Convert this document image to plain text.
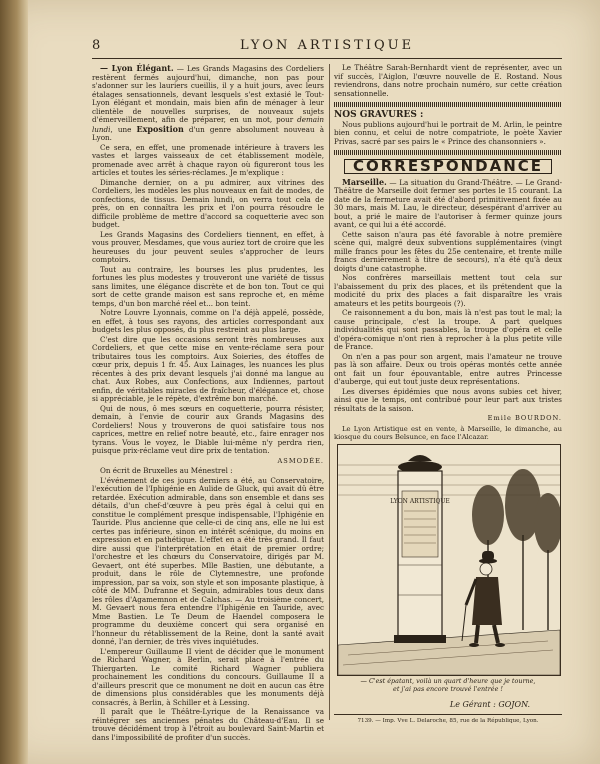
8	LYON ARTISTIQUE

— Lyon Élégant. — Les Grands Magasins des Cordeliers restèrent fermés aujourd'hui, dimanche, non pas pour s'adonner sur les lauriers cueillis, il y a huit jours, avec leurs étalages sensationnels, devant lesquels s'est extasié le Tout-Lyon élégant et mondain, mais bien afin de ménager à leur clientèle de nouvelles surprises, de nouveaux sujets d'émerveillement, afin de préparer, en un mot, pour demain lundi, une Exposition d'un genre absolument nouveau à Lyon.

Ce sera, en effet, une promenade intérieure à travers les vastes et larges vaisseaux de cet établissement modèle, promenade avec arrêt à chaque rayon où figureront tous les articles et toutes les séries-réclames. Je m'explique :

Dimanche dernier, on a pu admirer, aux vitrines des Cordeliers, les modèles les plus nouveaux en fait de modes, de confections, de tissus. Demain lundi, on verra tout cela de près, on en connaîtra les prix et l'on pourra résoudre le difficile problème de mettre d'accord sa coquetterie avec son budget.

Les Grands Magasins des Cordeliers tiennent, en effet, à vous prouver, Mesdames, que vous auriez tort de croire que les heureuses du jour peuvent seules s'approcher de leurs comptoirs.

Tout au contraire, les bourses les plus prudentes, les fortunes les plus modestes y trouveront une variété de tissus sans limites, une élégance discrète et de bon ton. Tout ce qui sort de cette grande maison est sans reproche et, en même temps, d'un bon marché réel et... bon teint.

Notre Louvre Lyonnais, comme on l'a déjà appelé, possède, en effet, à tous ses rayons, des articles correspondant aux budgets les plus opposés, du plus restreint au plus large.

C'est dire que les occasions seront très nombreuses aux Cordeliers, et que cette mise en vente-réclame sera pour tributaires tous les comptoirs. Aux Soieries, des étoffes de cœur prix, depuis 1 fr. 45. Aux Lainages, les nuances les plus récentes à des prix devant lesquels j'ai donné ma langue au chat. Aux Robes, aux Confections, aux Indiennes, partout enfin, de véritables miracles de fraîcheur, d'élégance et, chose si appréciable, je le répète, d'extrême bon marché.

Qui de nous, ô mes sœurs en coquetterie, pourra résister, demain, à l'envie de courir aux Grands Magasins des Cordeliers! Nous y trouverons de quoi satisfaire tous nos caprices, mettre en relief notre beauté, etc., faire enrager nos tyrans. Vous le voyez, le Diable lui-même n'y perdra rien, puisque prix-réclame veut dire prix de tentation.

ASMODÉE.

On écrit de Bruxelles au Ménestrel :

L'événement de ces jours derniers a été, au Conservatoire, l'exécution de l'Iphigénie en Aulide de Gluck, qui avait dû être retardée. Exécution admirable, dans son ensemble et dans ses détails, d'un chef-d'œuvre à peu près égal à celui qui en constitue le complément presque indispensable, l'Iphigénie en Tauride. Plus ancienne que celle-ci de cinq ans, elle ne lui est certes pas inférieure, sinon en intérêt scénique, du moins en expression et en pathétique. L'effet en a été très grand. Il faut dire aussi que l'interprétation en était de premier ordre; l'orchestre et les chœurs du Conservatoire, dirigés par M. Gevaert, ont été superbes. Mlle Bastien, une débutante, a produit, dans le rôle de Clytemnestre, une profonde impression, par sa voix, son style et son imposante plastique, à côté de MM. Dufranne et Seguin, admirables tous deux dans les rôles d'Agamemnon et de Calchas. — Au troisième concert, M. Gevaert nous fera entendre l'Iphigénie en Tauride, avec Mme Bastien. Le Te Deum de Haendel composera le programme du deuxième concert qui sera organisé en l'honneur du rétablissement de la Reine, dont la santé avait donné, l'an dernier, de très vives inquiétudes.

L'empereur Guillaume II vient de décider que le monument de Richard Wagner, à Berlin, serait placé à l'entrée du Thiergarten. Le comité Richard Wagner publiera prochainement les conditions du concours. Guillaume II a d'ailleurs prescrit que ce monument ne doit en aucun cas être de dimensions plus considérables que les monuments déjà consacrés, à Berlin, à Schiller et à Lessing.

Il paraît que le Théâtre-Lyrique de la Renaissance va réintégrer ses anciennes pénates du Château-d'Eau. Il se trouve décidément trop à l'étroit au boulevard Saint-Martin et dans l'impossibilité de profiter d'un succès.

Le Théâtre Sarah-Bernhardt vient de représenter, avec un vif succès, l'Aiglon, l'œuvre nouvelle de E. Rostand. Nous reviendrons, dans notre prochain numéro, sur cette création sensationnelle.

NOS GRAVURES :

Nous publions aujourd'hui le portrait de M. Arlin, le peintre bien connu, et celui de notre compatriote, le poète Xavier Privas, sacré par ses pairs le « Prince des chansonniers ».

CORRESPONDANCE

Marseille. — La situation du Grand-Théâtre. — Le Grand-Théâtre de Marseille doit fermer ses portes le 15 courant. La date de la fermeture avait été d'abord primitivement fixée au 30 mars, mais M. Lau, le directeur, désespérant d'arriver au bout, a prié le maire de l'autoriser à fermer quinze jours avant, ce qui lui a été accordé.

Cette saison n'aura pas été favorable à notre première scène qui, malgré deux subventions supplémentaires (vingt mille francs pour les fêtes du 25e centenaire, et trente mille francs dernièrement à titre de secours), n'a été qu'à deux doigts d'une catastrophe.

Nos confrères marseillais mettent tout cela sur l'abaissement du prix des places, et ils prétendent que la modicité du prix des places a fait disparaître les vrais amateurs et les petits bourgeois (?).

Ce raisonnement a du bon, mais là n'est pas tout le mal; la cause principale, c'est la troupe. A part quelques individualités qui sont passables, la troupe d'opéra et celle d'opéra-comique n'ont rien à reprocher à la plus petite ville de France.

On n'en a pas pour son argent, mais l'amateur ne trouve pas là son affaire. Deux ou trois opéras montés cette année ont fait un four épouvantable, entre autres Princesse d'auberge, qui eut tout juste deux représentations.

Les diverses épidémies que nous avons subies cet hiver, ainsi que le temps, ont contribué pour leur part aux tristes résultats de la saison.

Emile BOURDON.

Le Lyon Artistique est en vente, à Marseille, le dimanche, au kiosque du cours Belsunce, en face l'Alcazar.

LYON ARTISTIQUE
— C'est épatant, voilà un quart d'heure que je tourne,
et j'ai pas encore trouvé l'entrée !
Le Gérant : GOJON.
7139. — Imp. Vve L. Delaroche, 85, rue de la République, Lyon.
